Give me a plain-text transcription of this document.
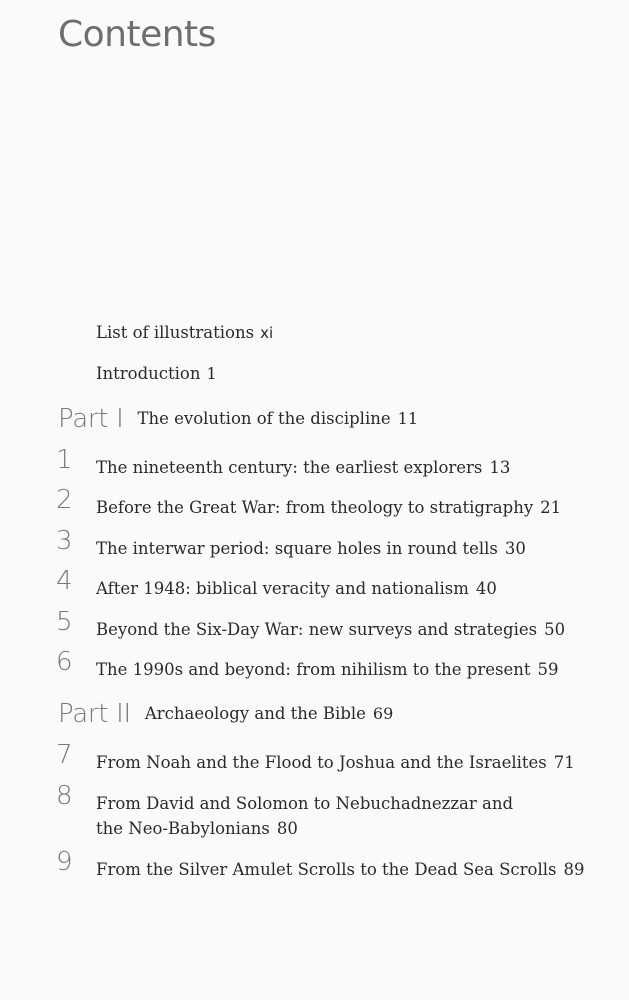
Contents
List of illustrations xi
Introduction 1
Part I The evolution of the discipline 11
1 The nineteenth century: the earliest explorers 13
2 Before the Great War: from theology to stratigraphy 21
3 The interwar period: square holes in round tells 30
4 After 1948: biblical veracity and nationalism 40
5 Beyond the Six-Day War: new surveys and strategies 50
6 The 1990s and beyond: from nihilism to the present 59
Part II Archaeology and the Bible 69
7 From Noah and the Flood to Joshua and the Israelites 71
8 From David and Solomon to Nebuchadnezzar and the Neo-Babylonians 80
9 From the Silver Amulet Scrolls to the Dead Sea Scrolls 89
